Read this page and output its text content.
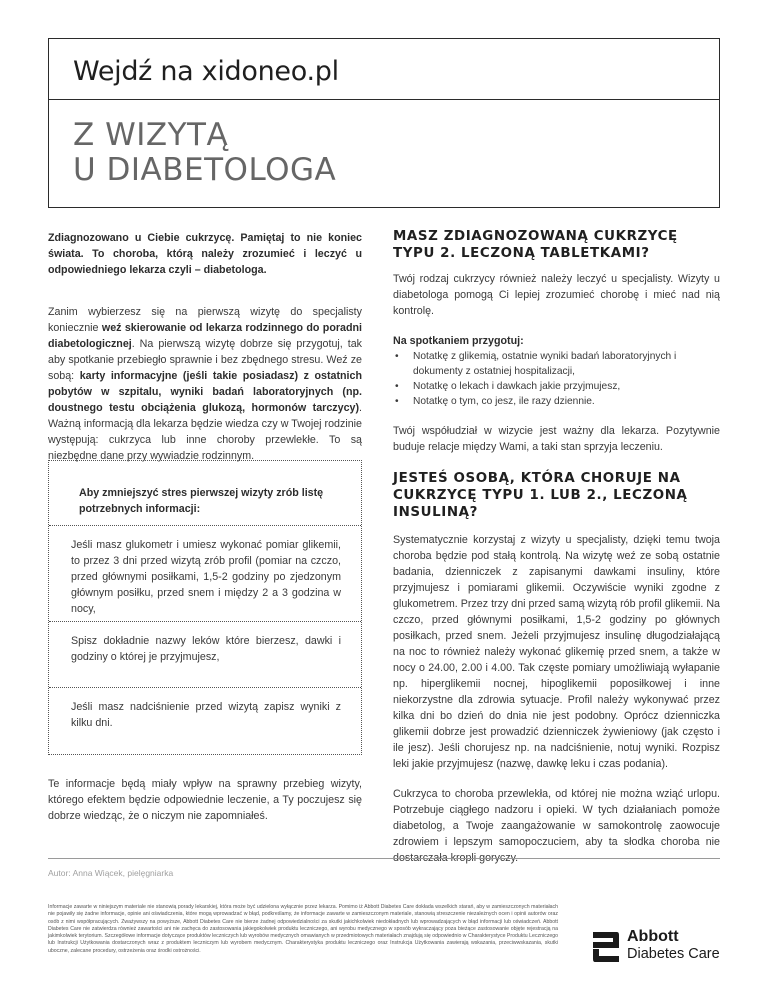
Wejdź na xidoneo.pl
Z WIZYTĄ
U DIABETOLOGA

Zdiagnozowano u Ciebie cukrzycę. Pamiętaj to nie koniec świata. To choroba, którą należy zrozumieć i leczyć u odpowiedniego lekarza czyli – diabetologa.

Zanim wybierzesz się na pierwszą wizytę do specjalisty koniecznie weź skierowanie od lekarza rodzinnego do poradni diabetologicznej. Na pierwszą wizytę dobrze się przygotuj, tak aby spotkanie przebiegło sprawnie i bez zbędnego stresu. Weź ze sobą: karty informacyjne (jeśli takie posiadasz) z ostatnich pobytów w szpitalu, wyniki badań laboratoryjnych (np. doustnego testu obciążenia glukozą, hormonów tarczycy). Ważną informacją dla lekarza będzie wiedza czy w Twojej rodzinie występują: cukrzyca lub inne choroby przewlekłe. To są niezbędne dane przy wywiadzie rodzinnym.

Aby zmniejszyć stres pierwszej wizyty zrób listę potrzebnych informacji:
Jeśli masz glukometr i umiesz wykonać pomiar glikemii, to przez 3 dni przed wizytą zrób profil (pomiar na czczo, przed głównymi posiłkami, 1,5-2 godziny po zjedzonym głównym posiłku, przed snem i między 2 a 3 godzina w nocy,
Spisz dokładnie nazwy leków które bierzesz, dawki i godziny o której je przyjmujesz,
Jeśli masz nadciśnienie przed wizytą zapisz wyniki z kilku dni.

Te informacje będą miały wpływ na sprawny przebieg wizyty, którego efektem będzie odpowiednie leczenie, a Ty poczujesz się dobrze wiedząc, że o niczym nie zapomniałeś.

MASZ ZDIAGNOZOWANĄ CUKRZYCĘ TYPU 2. LECZONĄ TABLETKAMI?

Twój rodzaj cukrzycy również należy leczyć u specjalisty. Wizyty u diabetologa pomogą Ci lepiej zrozumieć chorobę i mieć nad nią kontrolę.

Na spotkaniem przygotuj:
• Notatkę z glikemią, ostatnie wyniki badań laboratoryjnych i dokumenty z ostatniej hospitalizacji,
• Notatkę o lekach i dawkach jakie przyjmujesz,
• Notatkę o tym, co jesz, ile razy dziennie.

Twój współudział w wizycie jest ważny dla lekarza. Pozytywnie buduje relacje między Wami, a taki stan sprzyja leczeniu.

JESTEŚ OSOBĄ, KTÓRA CHORUJE NA CUKRZYCĘ TYPU 1. LUB 2., LECZONĄ INSULINĄ?

Systematycznie korzystaj z wizyty u specjalisty, dzięki temu twoja choroba będzie pod stałą kontrolą. Na wizytę weź ze sobą ostatnie badania, dzienniczek z zapisanymi dawkami insuliny, które przyjmujesz i pomiarami glikemii. Oczywiście wyniki zgodne z glukometrem. Przez trzy dni przed samą wizytą rób profil glikemii. Na czczo, przed głównymi posiłkami, 1,5-2 godziny po głównych posiłkach, przed snem. Jeżeli przyjmujesz insulinę długodziałającą na noc to również należy wykonać glikemię przed snem, a także w nocy o 24.00, 2.00 i 4.00. Tak częste pomiary umożliwiają wyłapanie np. hiperglikemii nocnej, hipoglikemii poposiłkowej i inne niekorzystne dla zdrowia sytuacje. Profil należy wykonywać przez kilka dni bo dzień do dnia nie jest podobny. Oprócz dzienniczka glikemii dobrze jest prowadzić dzienniczek żywieniowy (jak często i ile jesz). Jeśli chorujesz np. na nadciśnienie, notuj wyniki. Rozpisz leki jakie przyjmujesz (nazwę, dawkę leku i czas podania).

Cukrzyca to choroba przewlekła, od której nie można wziąć urlopu. Potrzebuje ciągłego nadzoru i opieki. W tych działaniach pomoże diabetolog, a Twoje zaangażowanie w samokontrolę zaowocuje zdrowiem i lepszym samopoczuciem, aby ta słodka choroba nie dostarczała kropli goryczy.

Autor: Anna Wiącek, pielęgniarka
Informacje zawarte w niniejszym materiale nie stanowią porady lekarskiej, która może być udzielona wyłącznie przez lekarza. Pomimo iż Abbott Diabetes Care dokłada wszelkich starań, aby w zamieszczonych materiałach nie pojawiły się żadne informacje, opinie ani oświadczenia, które mogą wprowadzać w błąd, podkreślamy, że informacje zawarte w zamieszczonym materiale, stanowią streszczenie niezależnych ocen i opinii autorów oraz osób z nimi współpracujących. Zważywszy na powyższe, Abbott Diabetes Care nie bierze żadnej odpowiedzialności za skutki jakichkolwiek niedokładnych lub wprowadzających w błąd informacji lub oświadczeń. Abbott Diabetes Care nie zatwierdza również zawartości ani nie zachęca do zastosowania jakiegokolwiek produktu leczniczego, ani wyrobu medycznego w sposób wykraczający poza bieżące zastosowanie objęte rejestracją na jakimkolwiek terytorium. Szczegółowe informacje dotyczące produktów leczniczych lub wyrobów medycznych omawianych w przedmiotowych materiałach znajdują się odpowiednio w Charakterystyce Produktu Leczniczego lub Instrukcji Użytkowania dostarczonych wraz z produktem leczniczym lub wyrobem medycznym. Charakterystyka produktu leczniczego oraz Instrukcja Użytkowania zawierają wskazania, przeciwwskazania, skutki uboczne, zalecane procedury, ostrzeżenia oraz środki ostrożności.
Abbott
Diabetes Care
